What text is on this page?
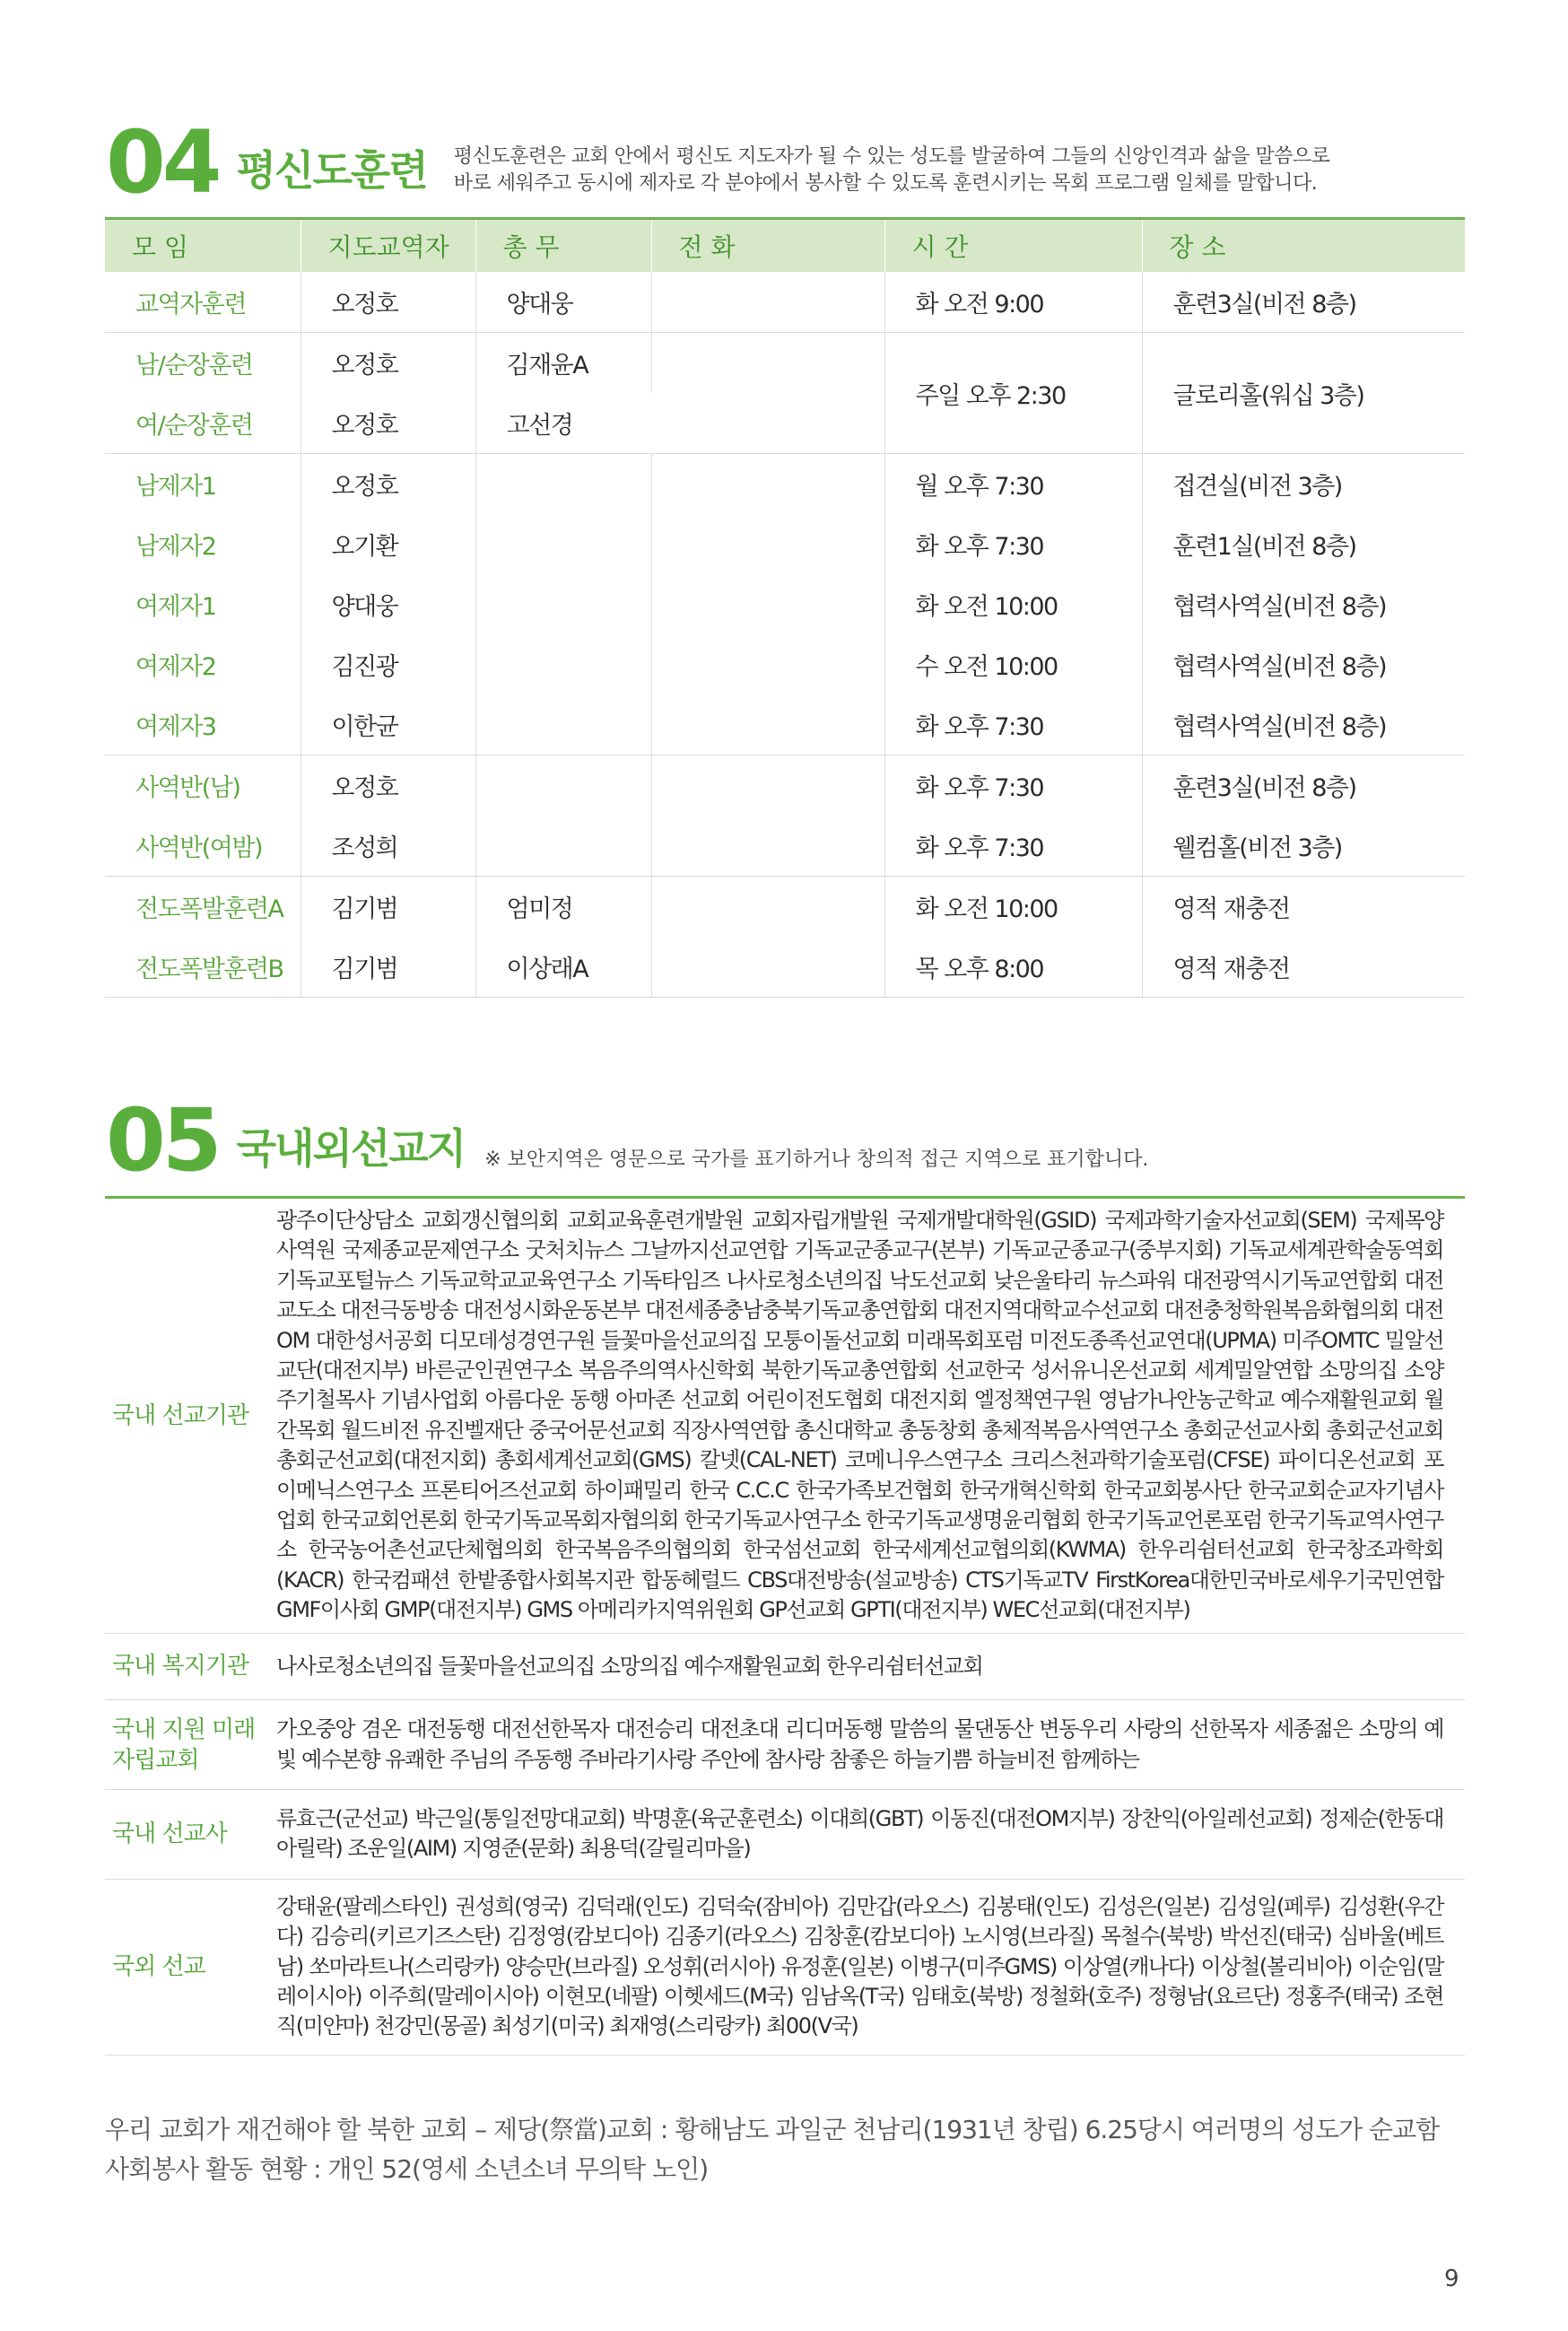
04 평신도훈련 평신도훈련은 교회 안에서 평신도 지도자가 될 수 있는 성도를 발굴하여 그들의 신앙인격과 삶을 말씀으로
바로 세워주고 동시에 제자로 각 분야에서 봉사할 수 있도록 훈련시키는 목회 프로그램 일체를 말합니다.
모 임	지도교역자	총 무	전 화	시 간	장 소
교역자훈련	오정호	양대웅		화 오전 9:00	훈련3실(비전 8층)
남/순장훈련	오정호	김재윤A		주일 오후 2:30	글로리홀(워십 3층)
여/순장훈련	오정호	고선경			
남제자1	오정호			월 오후 7:30	접견실(비전 3층)
남제자2	오기환			화 오후 7:30	훈련1실(비전 8층)
여제자1	양대웅			화 오전 10:00	협력사역실(비전 8층)
여제자2	김진광			수 오전 10:00	협력사역실(비전 8층)
여제자3	이한균			화 오후 7:30	협력사역실(비전 8층)
사역반(남)	오정호			화 오후 7:30	훈련3실(비전 8층)
사역반(여밤)	조성희			화 오후 7:30	웰컴홀(비전 3층)
전도폭발훈련A	김기범	엄미정		화 오전 10:00	영적 재충전
전도폭발훈련B	김기범	이상래A		목 오후 8:00	영적 재충전
05 국내외선교지 ※ 보안지역은 영문으로 국가를 표기하거나 창의적 접근 지역으로 표기합니다.
국내 선교기관	광주이단상담소 교회갱신협의회 교회교육훈련개발원 교회자립개발원 국제개발대학원(GSID) 국제과학기술자선교회(SEM) 국제목양사역원 국제종교문제연구소 굿처치뉴스 그날까지선교연합 기독교군종교구(본부) 기독교군종교구(중부지회) 기독교세계관학술동역회 기독교포털뉴스 기독교학교교육연구소 기독타임즈 나사로청소년의집 낙도선교회 낮은울타리 뉴스파워 대전광역시기독교연합회 대전교도소 대전극동방송 대전성시화운동본부 대전세종충남충북기독교총연합회 대전지역대학교수선교회 대전충청학원복음화협의회 대전OM 대한성서공회 디모데성경연구원 들꽃마을선교의집 모퉁이돌선교회 미래목회포럼 미전도종족선교연대(UPMA) 미주OMTC 밀알선교단(대전지부) 바른군인권연구소 복음주의역사신학회 북한기독교총연합회 선교한국 성서유니온선교회 세계밀알연합 소망의집 소양 주기철목사 기념사업회 아름다운 동행 아마존 선교회 어린이전도협회 대전지회 엘정책연구원 영남가나안농군학교 예수재활원교회 월간목회 월드비전 유진벨재단 중국어문선교회 직장사역연합 총신대학교 총동창회 총체적복음사역연구소 총회군선교사회 총회군선교회 총회군선교회(대전지회) 총회세계선교회(GMS) 칼넷(CAL-NET) 코메니우스연구소 크리스천과학기술포럼(CFSE) 파이디온선교회 포이메닉스연구소 프론티어즈선교회 하이패밀리 한국 C.C.C 한국가족보건협회 한국개혁신학회 한국교회봉사단 한국교회순교자기념사업회 한국교회언론회 한국기독교목회자협의회 한국기독교사연구소 한국기독교생명윤리협회 한국기독교언론포럼 한국기독교역사연구소 한국농어촌선교단체협의회 한국복음주의협의회 한국섬선교회 한국세계선교협의회(KWMA) 한우리쉼터선교회 한국창조과학회(KACR) 한국컴패션 한밭종합사회복지관 합동헤럴드 CBS대전방송(설교방송) CTS기독교TV FirstKorea대한민국바로세우기국민연합 GMF이사회 GMP(대전지부) GMS 아메리카지역위원회 GP선교회 GPTI(대전지부) WEC선교회(대전지부)
국내 복지기관	나사로청소년의집 들꽃마을선교의집 소망의집 예수재활원교회 한우리쉼터선교회
국내 지원 미래자립교회	가오중앙 겸온 대전동행 대전선한목자 대전승리 대전초대 리디머동행 말씀의 물댄동산 변동우리 사랑의 선한목자 세종젊은 소망의 예빛 예수본향 유쾌한 주님의 주동행 주바라기사랑 주안에 참사랑 참좋은 하늘기쁨 하늘비전 함께하는
국내 선교사	류효근(군선교) 박근일(통일전망대교회) 박명훈(육군훈련소) 이대희(GBT) 이동진(대전OM지부) 장찬익(아일레선교회) 정제순(한동대 아릴락) 조운일(AIM) 지영준(문화) 최용덕(갈릴리마을)
국외 선교	강태윤(팔레스타인) 권성희(영국) 김덕래(인도) 김덕숙(잠비아) 김만갑(라오스) 김봉태(인도) 김성은(일본) 김성일(페루) 김성환(우간다) 김승리(키르기즈스탄) 김정영(캄보디아) 김종기(라오스) 김창훈(캄보디아) 노시영(브라질) 목철수(북방) 박선진(태국) 심바울(베트남) 쏘마라트나(스리랑카) 양승만(브라질) 오성휘(러시아) 유정훈(일본) 이병구(미주GMS) 이상열(캐나다) 이상철(볼리비아) 이순임(말레이시아) 이주희(말레이시아) 이현모(네팔) 이헷세드(M국) 임남옥(T국) 임태호(북방) 정철화(호주) 정형남(요르단) 정홍주(태국) 조현직(미얀마) 천강민(몽골) 최성기(미국) 최재영(스리랑카) 최00(V국)
우리 교회가 재건해야 할 북한 교회 – 제당(祭當)교회 : 황해남도 과일군 천남리(1931년 창립) 6.25당시 여러명의 성도가 순교함
사회봉사 활동 현황 : 개인 52(영세 소년소녀 무의탁 노인)
9
